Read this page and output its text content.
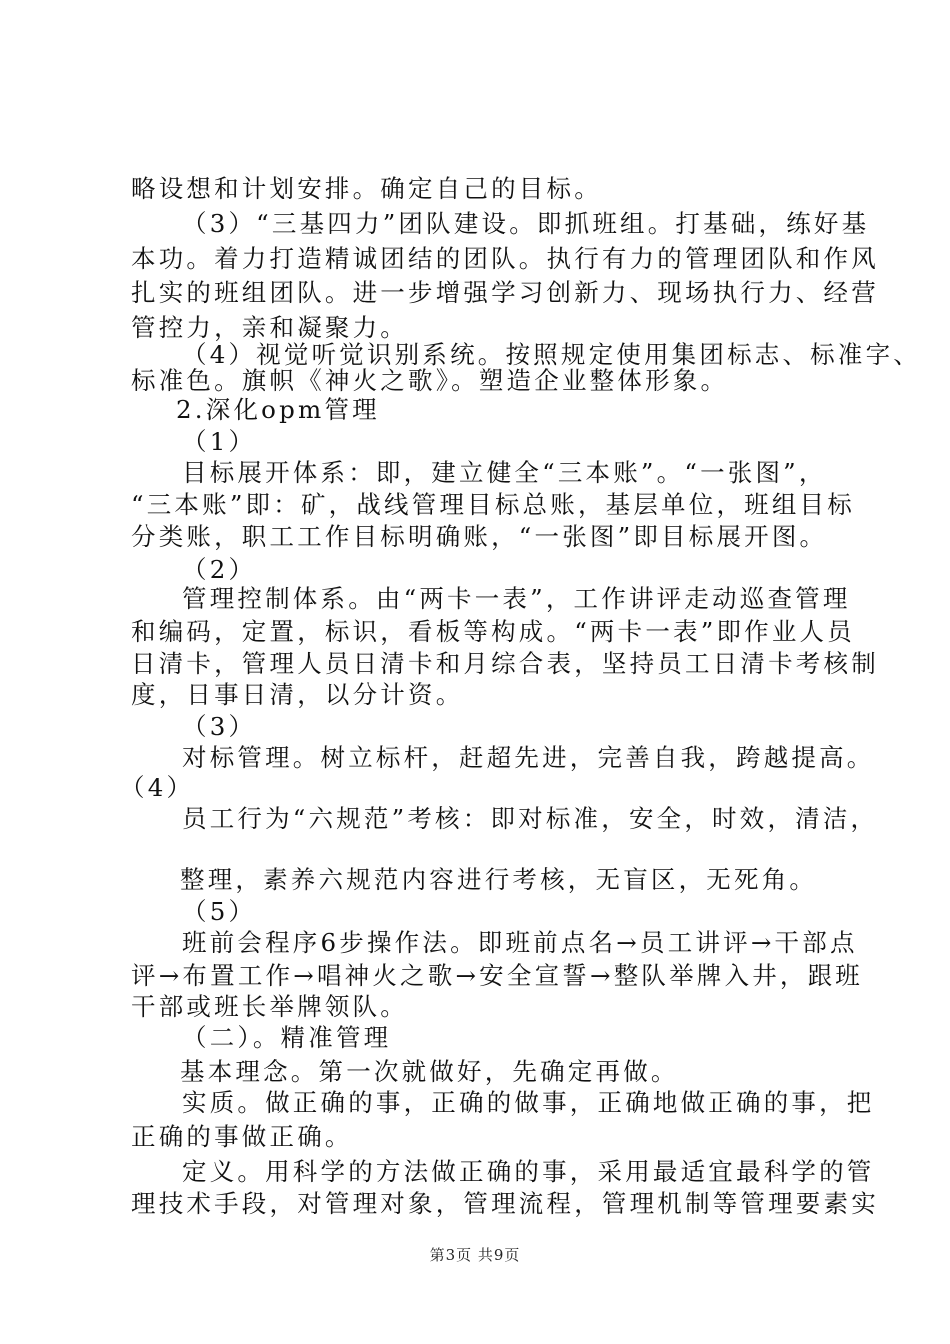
略设想和计划安排。确定自己的目标。
（3）“三基四力”团队建设。即抓班组。打基础，练好基
本功。着力打造精诚团结的团队。执行有力的管理团队和作风
扎实的班组团队。进一步增强学习创新力、现场执行力、经营
管控力，亲和凝聚力。
（4）视觉听觉识别系统。按照规定使用集团标志、标准字、
标准色。旗帜《神火之歌》。塑造企业整体形象。
2.深化opm管理
（1）
目标展开体系：即，建立健全“三本账”。“一张图”，
“三本账”即：矿，战线管理目标总账，基层单位，班组目标
分类账，职工工作目标明确账，“一张图”即目标展开图。
（2）
管理控制体系。由“两卡一表”，工作讲评走动巡查管理
和编码，定置，标识，看板等构成。“两卡一表”即作业人员
日清卡，管理人员日清卡和月综合表，坚持员工日清卡考核制
度，日事日清，以分计资。
（3）
对标管理。树立标杆，赶超先进，完善自我，跨越提高。
（4）
员工行为“六规范”考核：即对标准，安全，时效，清洁，
整理，素养六规范内容进行考核，无盲区，无死角。
（5）
班前会程序6步操作法。即班前点名→员工讲评→干部点
评→布置工作→唱神火之歌→安全宣誓→整队举牌入井，跟班
干部或班长举牌领队。
（二）。精准管理
基本理念。第一次就做好，先确定再做。
实质。做正确的事，正确的做事，正确地做正确的事，把
正确的事做正确。
定义。用科学的方法做正确的事，采用最适宜最科学的管
理技术手段，对管理对象，管理流程，管理机制等管理要素实
第3页 共9页
